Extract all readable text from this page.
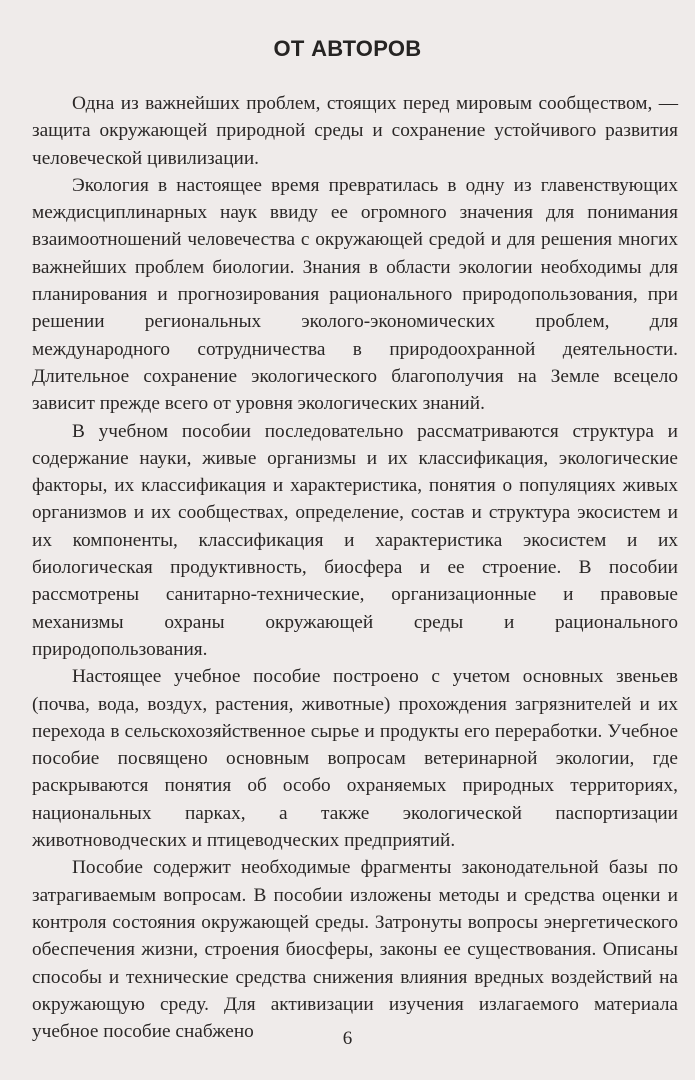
ОТ АВТОРОВ

Одна из важнейших проблем, стоящих перед мировым сообществом, — защита окружающей природной среды и сохранение устойчивого развития человеческой цивилизации.

Экология в настоящее время превратилась в одну из главенствующих междисциплинарных наук ввиду ее огромного значения для понимания взаимоотношений человечества с окружающей средой и для решения многих важнейших проблем биологии. Знания в области экологии необходимы для планирования и прогнозирования рационального природопользования, при решении региональных эколого-экономических проблем, для международного сотрудничества в природоохранной деятельности. Длительное сохранение экологического благополучия на Земле всецело зависит прежде всего от уровня экологических знаний.

В учебном пособии последовательно рассматриваются структура и содержание науки, живые организмы и их классификация, экологические факторы, их классификация и характеристика, понятия о популяциях живых организмов и их сообществах, определение, состав и структура экосистем и их компоненты, классификация и характеристика экосистем и их биологическая продуктивность, биосфера и ее строение. В пособии рассмотрены санитарно-технические, организационные и правовые механизмы охраны окружающей среды и рационального природопользования.

Настоящее учебное пособие построено с учетом основных звеньев (почва, вода, воздух, растения, животные) прохождения загрязнителей и их перехода в сельскохозяйственное сырье и продукты его переработки. Учебное пособие посвящено основным вопросам ветеринарной экологии, где раскрываются понятия об особо охраняемых природных территориях, национальных парках, а также экологической паспортизации животноводческих и птицеводческих предприятий.

Пособие содержит необходимые фрагменты законодательной базы по затрагиваемым вопросам. В пособии изложены методы и средства оценки и контроля состояния окружающей среды. Затронуты вопросы энергетического обеспечения жизни, строения биосферы, законы ее существования. Описаны способы и технические средства снижения влияния вредных воздействий на окружающую среду. Для активизации изучения излагаемого материала учебное пособие снабжено	6
